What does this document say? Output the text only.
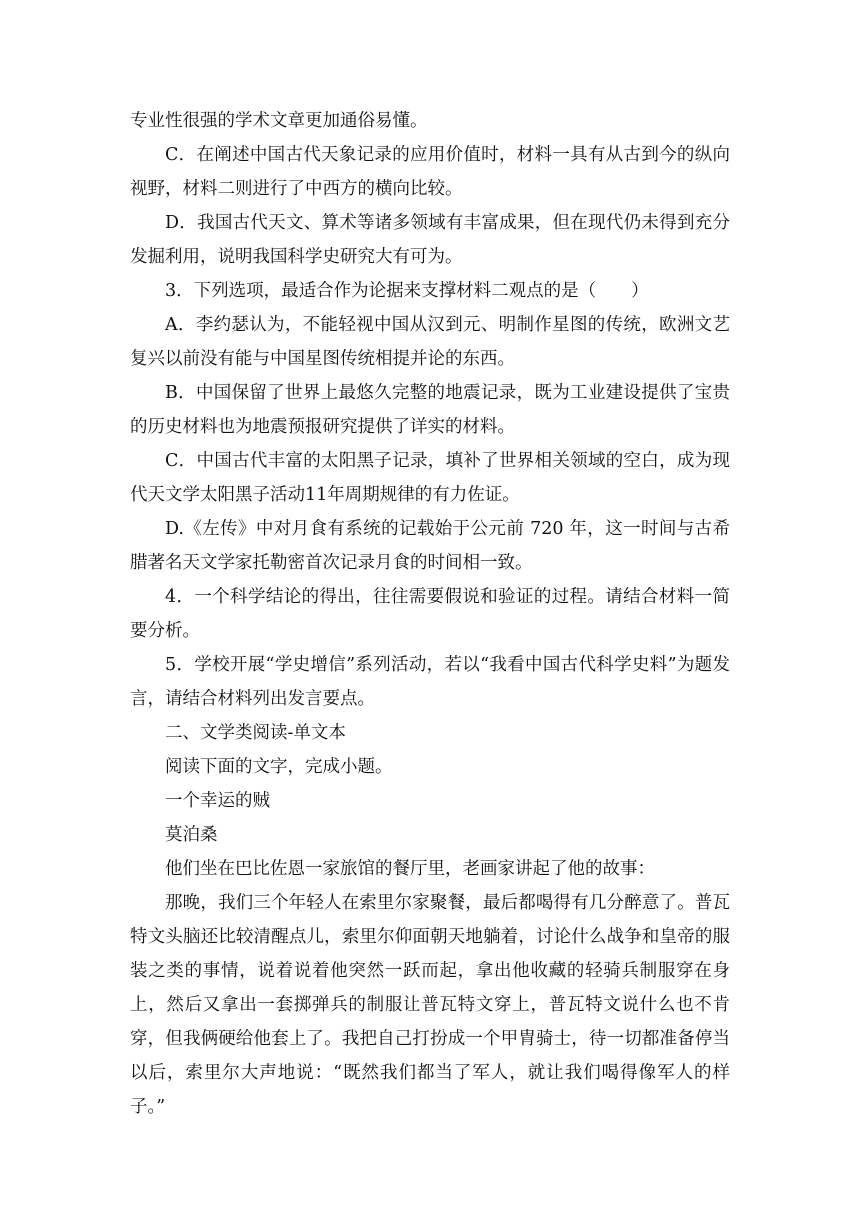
专业性很强的学术文章更加通俗易懂。

C．在阐述中国古代天象记录的应用价值时，材料一具有从古到今的纵向视野，材料二则进行了中西方的横向比较。

D．我国古代天文、算术等诸多领域有丰富成果，但在现代仍未得到充分发掘利用，说明我国科学史研究大有可为。

3．下列选项，最适合作为论据来支撑材料二观点的是（　　）

A．李约瑟认为，不能轻视中国从汉到元、明制作星图的传统，欧洲文艺复兴以前没有能与中国星图传统相提并论的东西。

B．中国保留了世界上最悠久完整的地震记录，既为工业建设提供了宝贵的历史材料也为地震预报研究提供了详实的材料。

C．中国古代丰富的太阳黑子记录，填补了世界相关领域的空白，成为现代天文学太阳黑子活动11年周期规律的有力佐证。

D.《左传》中对月食有系统的记载始于公元前 720 年，这一时间与古希腊著名天文学家托勒密首次记录月食的时间相一致。

4．一个科学结论的得出，往往需要假说和验证的过程。请结合材料一简要分析。

5．学校开展“学史增信”系列活动，若以“我看中国古代科学史料”为题发言，请结合材料列出发言要点。

二、文学类阅读-单文本

阅读下面的文字，完成小题。

一个幸运的贼

莫泊桑

他们坐在巴比佐恩一家旅馆的餐厅里，老画家讲起了他的故事：

那晚，我们三个年轻人在索里尔家聚餐，最后都喝得有几分醉意了。普瓦特文头脑还比较清醒点儿，索里尔仰面朝天地躺着，讨论什么战争和皇帝的服装之类的事情，说着说着他突然一跃而起，拿出他收藏的轻骑兵制服穿在身上，然后又拿出一套掷弹兵的制服让普瓦特文穿上，普瓦特文说什么也不肯穿，但我俩硬给他套上了。我把自己打扮成一个甲胄骑士，待一切都准备停当以后，索里尔大声地说：“既然我们都当了军人，就让我们喝得像军人的样子。”
